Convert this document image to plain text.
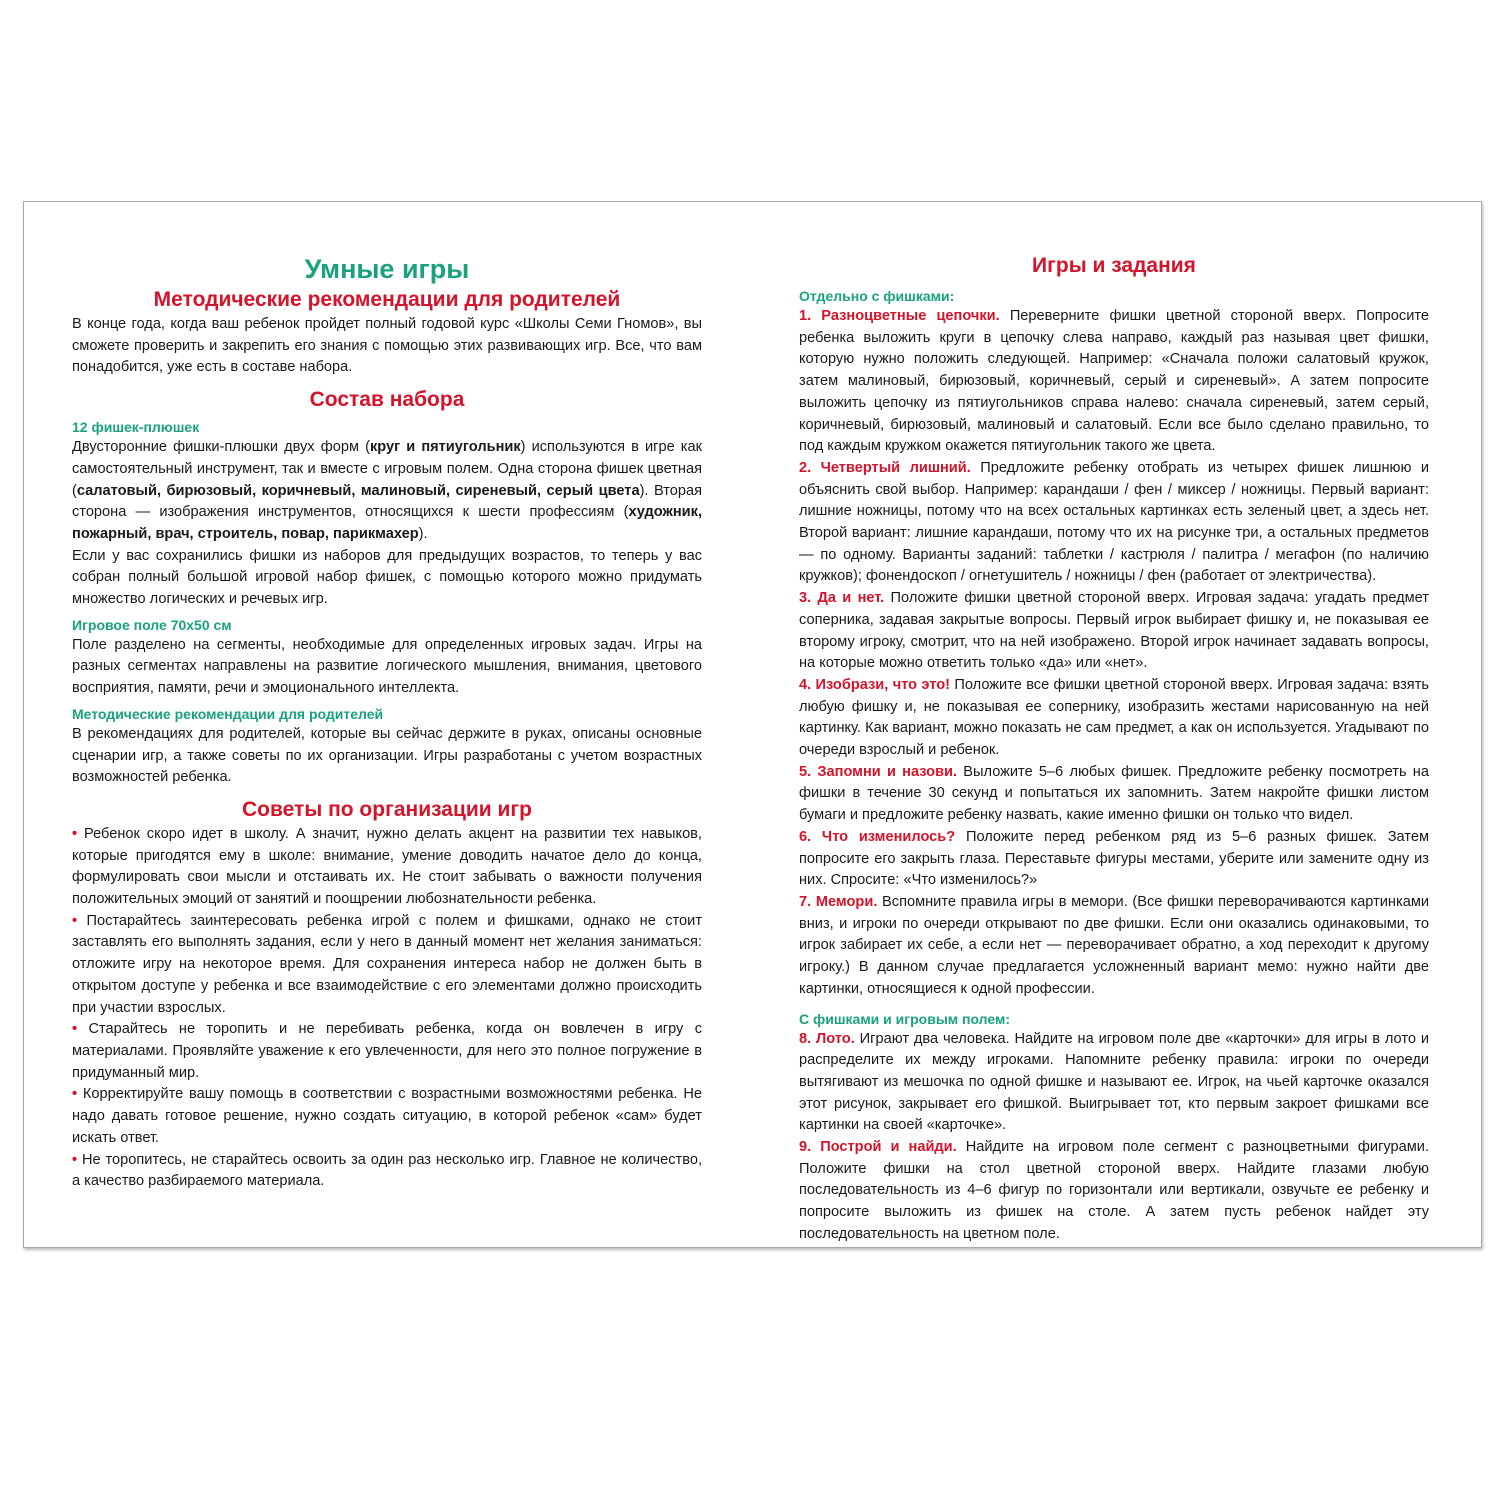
Умные игры
Методические рекомендации для родителей

В конце года, когда ваш ребенок пройдет полный годовой курс «Школы Семи Гномов», вы сможете проверить и закрепить его знания с помощью этих развивающих игр. Все, что вам понадобится, уже есть в составе набора.

Состав набора
12 фишек-плюшек

Двусторонние фишки-плюшки двух форм (круг и пятиугольник) используются в игре как самостоятельный инструмент, так и вместе с игровым полем. Одна сторона фишек цветная (салатовый, бирюзовый, коричневый, малиновый, сиреневый, серый цвета). Вторая сторона — изображения инструментов, относящихся к шести профессиям (художник, пожарный, врач, строитель, повар, парикмахер).

Если у вас сохранились фишки из наборов для предыдущих возрастов, то теперь у вас собран полный большой игровой набор фишек, с помощью которого можно придумать множество логических и речевых игр.

Игровое поле 70х50 см

Поле разделено на сегменты, необходимые для определенных игровых задач. Игры на разных сегментах направлены на развитие логического мышления, внимания, цветового восприятия, памяти, речи и эмоционального интеллекта.

Методические рекомендации для родителей

В рекомендациях для родителей, которые вы сейчас держите в руках, описаны основные сценарии игр, а также советы по их организации. Игры разработаны с учетом возрастных возможностей ребенка.

Советы по организации игр

• Ребенок скоро идет в школу. А значит, нужно делать акцент на развитии тех навыков, которые пригодятся ему в школе: внимание, умение доводить начатое дело до конца, формулировать свои мысли и отстаивать их. Не стоит забывать о важности получения положительных эмоций от занятий и поощрении любознательности ребенка.

• Постарайтесь заинтересовать ребенка игрой с полем и фишками, однако не стоит заставлять его выполнять задания, если у него в данный момент нет желания заниматься: отложите игру на некоторое время. Для сохранения интереса набор не должен быть в открытом доступе у ребенка и все взаимодействие с его элементами должно происходить при участии взрослых.

• Старайтесь не торопить и не перебивать ребенка, когда он вовлечен в игру с материалами. Проявляйте уважение к его увлеченности, для него это полное погружение в придуманный мир.

• Корректируйте вашу помощь в соответствии с возрастными возможностями ребенка. Не надо давать готовое решение, нужно создать ситуацию, в которой ребенок «сам» будет искать ответ.

• Не торопитесь, не старайтесь освоить за один раз несколько игр. Главное не количество, а качество разбираемого материала.

Игры и задания
Отдельно с фишками:

1. Разноцветные цепочки. Переверните фишки цветной стороной вверх. Попросите ребенка выложить круги в цепочку слева направо, каждый раз называя цвет фишки, которую нужно положить следующей. Например: «Сначала положи салатовый кружок, затем малиновый, бирюзовый, коричневый, серый и сиреневый». А затем попросите выложить цепочку из пятиугольников справа налево: сначала сиреневый, затем серый, коричневый, бирюзовый, малиновый и салатовый. Если все было сделано правильно, то под каждым кружком окажется пятиугольник такого же цвета.

2. Четвертый лишний. Предложите ребенку отобрать из четырех фишек лишнюю и объяснить свой выбор. Например: карандаши / фен / миксер / ножницы. Первый вариант: лишние ножницы, потому что на всех остальных картинках есть зеленый цвет, а здесь нет. Второй вариант: лишние карандаши, потому что их на рисунке три, а остальных предметов — по одному. Варианты заданий: таблетки / кастрюля / палитра / мегафон (по наличию кружков); фонендоскоп / огнетушитель / ножницы / фен (работает от электричества).

3. Да и нет. Положите фишки цветной стороной вверх. Игровая задача: угадать предмет соперника, задавая закрытые вопросы. Первый игрок выбирает фишку и, не показывая ее второму игроку, смотрит, что на ней изображено. Второй игрок начинает задавать вопросы, на которые можно ответить только «да» или «нет».

4. Изобрази, что это! Положите все фишки цветной стороной вверх. Игровая задача: взять любую фишку и, не показывая ее сопернику, изобразить жестами нарисованную на ней картинку. Как вариант, можно показать не сам предмет, а как он используется. Угадывают по очереди взрослый и ребенок.

5. Запомни и назови. Выложите 5–6 любых фишек. Предложите ребенку посмотреть на фишки в течение 30 секунд и попытаться их запомнить. Затем накройте фишки листом бумаги и предложите ребенку назвать, какие именно фишки он только что видел.

6. Что изменилось? Положите перед ребенком ряд из 5–6 разных фишек. Затем попросите его закрыть глаза. Переставьте фигуры местами, уберите или замените одну из них. Спросите: «Что изменилось?»

7. Мемори. Вспомните правила игры в мемори. (Все фишки переворачиваются картинками вниз, и игроки по очереди открывают по две фишки. Если они оказались одинаковыми, то игрок забирает их себе, а если нет — переворачивает обратно, а ход переходит к другому игроку.) В данном случае предлагается усложненный вариант мемо: нужно найти две картинки, относящиеся к одной профессии.

С фишками и игровым полем:

8. Лото. Играют два человека. Найдите на игровом поле две «карточки» для игры в лото и распределите их между игроками. Напомните ребенку правила: игроки по очереди вытягивают из мешочка по одной фишке и называют ее. Игрок, на чьей карточке оказался этот рисунок, закрывает его фишкой. Выигрывает тот, кто первым закроет фишками все картинки на своей «карточке».

9. Построй и найди. Найдите на игровом поле сегмент с разноцветными фигурами. Положите фишки на стол цветной стороной вверх. Найдите глазами любую последовательность из 4–6 фигур по горизонтали или вертикали, озвучьте ее ребенку и попросите выложить из фишек на столе. А затем пусть ребенок найдет эту последовательность на цветном поле.
